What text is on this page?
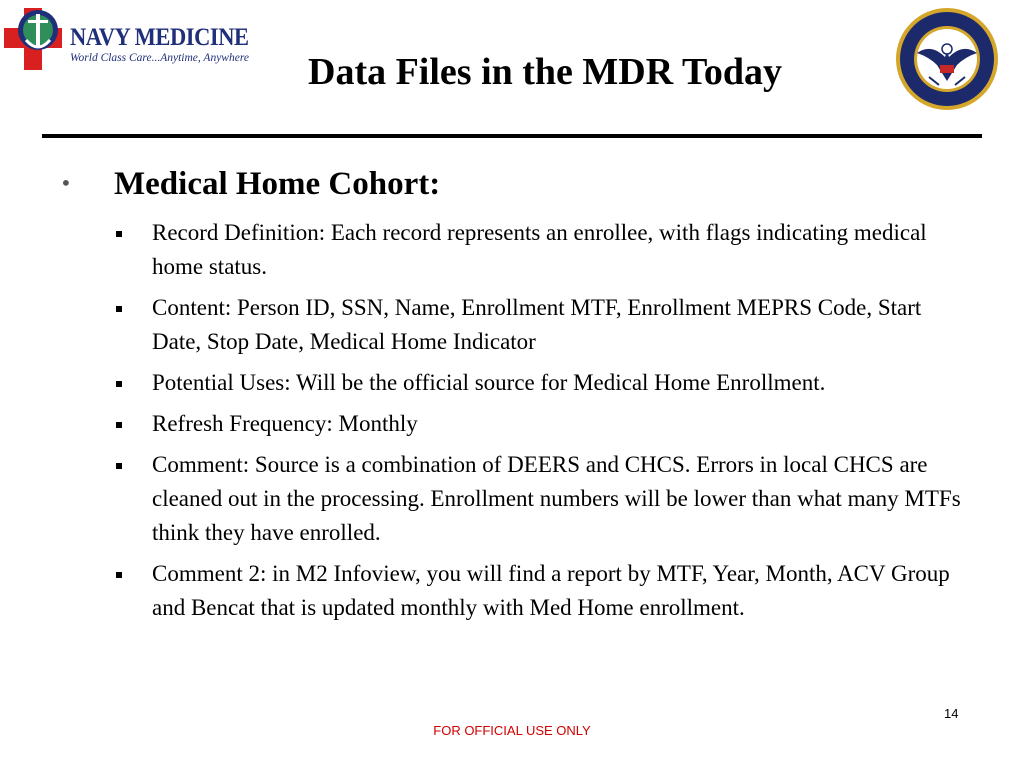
NAVY MEDICINE
World Class Care...Anytime, Anywhere	Data Files in the MDR Today
• Medical Home Cohort:
Record Definition: Each record represents an enrollee, with flags indicating medical home status.
Content: Person ID, SSN, Name, Enrollment MTF, Enrollment MEPRS Code, Start Date, Stop Date, Medical Home Indicator
Potential Uses: Will be the official source for Medical Home Enrollment.
Refresh Frequency: Monthly
Comment: Source is a combination of DEERS and CHCS. Errors in local CHCS are cleaned out in the processing. Enrollment numbers will be lower than what many MTFs think they have enrolled.
Comment 2: in M2 Infoview, you will find a report by MTF, Year, Month, ACV Group and Bencat that is updated monthly with Med Home enrollment.
14
FOR OFFICIAL USE ONLY
